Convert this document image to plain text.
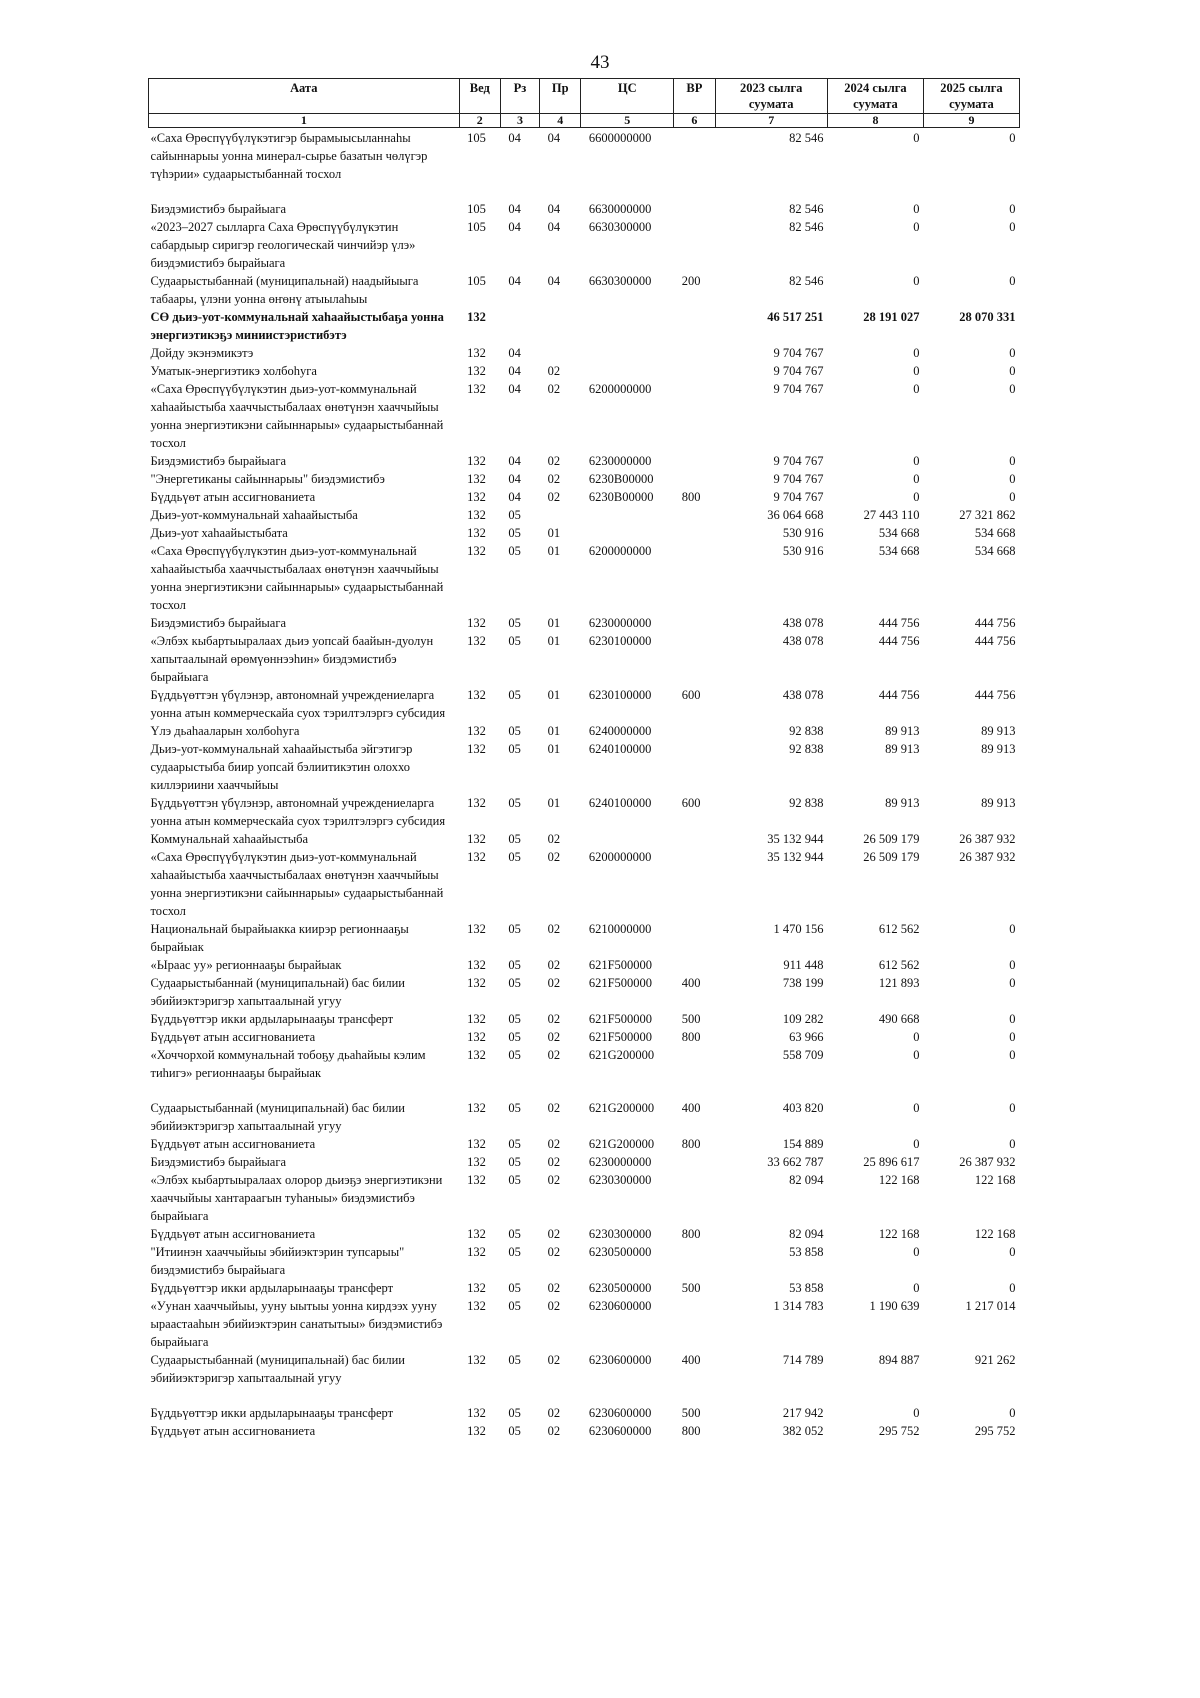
43
Аата	Вед	Рз	Пр	ЦС	ВР	2023 сылга суумата	2024 сылга суумата	2025 сылга суумата
1	2	3	4	5	6	7	8	9
«Саха Өрөспүүбүлүкэтигэр бырамыысыланнаһы сайыннарыы уонна минерал-сырье базатын чөлүгэр түһэрии» судаарыстыбаннай тосхол	105	04	04	6600000000		82 546	0	0
Биэдэмистибэ бырайыага	105	04	04	6630000000		82 546	0	0
«2023–2027 сылларга Саха Өрөспүүбүлүкэтин сабардыыр сиригэр геологическай чинчийэр үлэ» биэдэмистибэ бырайыага	105	04	04	6630300000		82 546	0	0
Судаарыстыбаннай (муниципальнай) наадыйыыга табаары, үлэни уонна өҥөнү атыылаһыы	105	04	04	6630300000	200	82 546	0	0
СӨ дьиэ-уот-коммунальнай хаһаайыстыбаҕа уонна энергиэтикэҕэ миниистэристибэтэ	132					46 517 251	28 191 027	28 070 331
Дойду экэнэмикэтэ	132	04				9 704 767	0	0
Уматык-энергиэтикэ холбоһуга	132	04	02			9 704 767	0	0
«Саха Өрөспүүбүлүкэтин дьиэ-уот-коммунальнай хаһаайыстыба хааччыстыбалаах өнөтүнэн хааччыйыы уонна энергиэтикэни сайыннарыы» судаарыстыбаннай тосхол	132	04	02	6200000000		9 704 767	0	0
Биэдэмистибэ бырайыага	132	04	02	6230000000		9 704 767	0	0
"Энергетиканы сайыннарыы" биэдэмистибэ	132	04	02	6230В00000		9 704 767	0	0
Бүддьүөт атын ассигнованиета	132	04	02	6230В00000	800	9 704 767	0	0
Дьиэ-уот-коммунальнай хаһаайыстыба	132	05				36 064 668	27 443 110	27 321 862
Дьиэ-уот хаһаайыстыбата	132	05	01			530 916	534 668	534 668
«Саха Өрөспүүбүлүкэтин дьиэ-уот-коммунальнай хаһаайыстыба хааччыстыбалаах өнөтүнэн хааччыйыы уонна энергиэтикэни сайыннарыы» судаарыстыбаннай тосхол	132	05	01	6200000000		530 916	534 668	534 668
Биэдэмистибэ бырайыага	132	05	01	6230000000		438 078	444 756	444 756
«Элбэх кыбартыыралаах дьиэ уопсай баайын-дуолун хапытаалынай өрөмүөннээһин» биэдэмистибэ бырайыага	132	05	01	6230100000		438 078	444 756	444 756
Бүддьүөттэн үбүлэнэр, автономнай учреждениеларга уонна атын коммерческайа суох тэрилтэлэргэ субсидия	132	05	01	6230100000	600	438 078	444 756	444 756
Үлэ дьаһааларын холбоһуга	132	05	01	6240000000		92 838	89 913	89 913
Дьиэ-уот-коммунальнай хаһаайыстыба эйгэтигэр судаарыстыба биир уопсай бэлиитикэтин олоххо киллэриини хааччыйыы	132	05	01	6240100000		92 838	89 913	89 913
Бүддьүөттэн үбүлэнэр, автономнай учреждениеларга уонна атын коммерческайа суох тэрилтэлэргэ субсидия	132	05	01	6240100000	600	92 838	89 913	89 913
Коммунальнай хаһаайыстыба	132	05	02			35 132 944	26 509 179	26 387 932
«Саха Өрөспүүбүлүкэтин дьиэ-уот-коммунальнай хаһаайыстыба хааччыстыбалаах өнөтүнэн хааччыйыы уонна энергиэтикэни сайыннарыы» судаарыстыбаннай тосхол	132	05	02	6200000000		35 132 944	26 509 179	26 387 932
Национальнай бырайыакка киирэр регионнааҕы бырайыак	132	05	02	6210000000		1 470 156	612 562	0
«Ыраас уу» регионнааҕы бырайыак	132	05	02	621F500000		911 448	612 562	0
Судаарыстыбаннай (муниципальнай) бас билии эбийиэктэригэр хапытаалынай угуу	132	05	02	621F500000	400	738 199	121 893	0
Бүддьүөттэр икки ардыларынааҕы трансферт	132	05	02	621F500000	500	109 282	490 668	0
Бүддьүөт атын ассигнованиета	132	05	02	621F500000	800	63 966	0	0
«Хоччорхой коммунальнай тобоҕу дьаһайыы кэлим тиһигэ» регионнааҕы бырайыак	132	05	02	621G200000		558 709	0	0
Судаарыстыбаннай (муниципальнай) бас билии эбийиэктэригэр хапытаалынай угуу	132	05	02	621G200000	400	403 820	0	0
Бүддьүөт атын ассигнованиета	132	05	02	621G200000	800	154 889	0	0
Биэдэмистибэ бырайыага	132	05	02	6230000000		33 662 787	25 896 617	26 387 932
«Элбэх кыбартыыралаах олорор дьиэҕэ энергиэтикэни хааччыйыы хантараагын туһаныы» биэдэмистибэ бырайыага	132	05	02	6230300000		82 094	122 168	122 168
Бүддьүөт атын ассигнованиета	132	05	02	6230300000	800	82 094	122 168	122 168
"Итиинэн хааччыйыы эбийиэктэрин тупсарыы" биэдэмистибэ бырайыага	132	05	02	6230500000		53 858	0	0
Бүддьүөттэр икки ардыларынааҕы трансферт	132	05	02	6230500000	500	53 858	0	0
«Уунан хааччыйыы, ууну ыытыы уонна кирдээх ууну ыраастааһын эбийиэктэрин санатытыы» биэдэмистибэ бырайыага	132	05	02	6230600000		1 314 783	1 190 639	1 217 014
Судаарыстыбаннай (муниципальнай) бас билии эбийиэктэригэр хапытаалынай угуу	132	05	02	6230600000	400	714 789	894 887	921 262
Бүддьүөттэр икки ардыларынааҕы трансферт	132	05	02	6230600000	500	217 942	0	0
Бүддьүөт атын ассигнованиета	132	05	02	6230600000	800	382 052	295 752	295 752
